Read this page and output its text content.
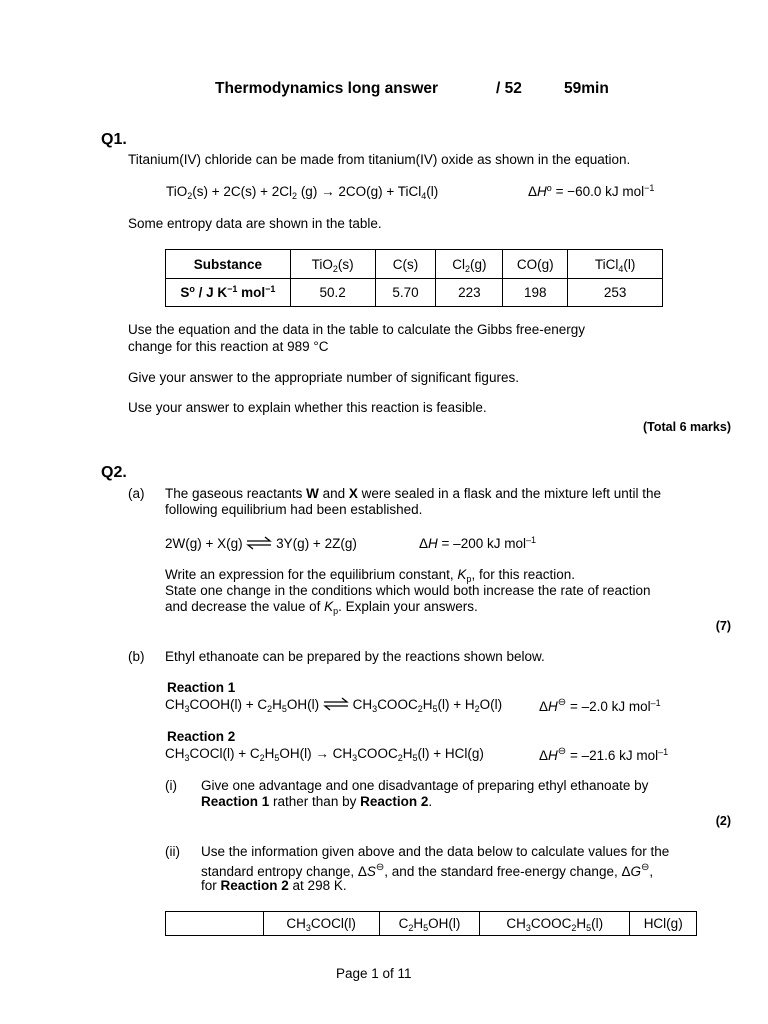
Thermodynamics long answer	/ 52	59min
Q1.
Titanium(IV) chloride can be made from titanium(IV) oxide as shown in the equation.
$TiO_2(s) + 2C(s) + 2Cl_2$ (g) → 2CO(g) + TiCl$_4$(l)	$\Delta H^o = -60.0$ kJ mol$^{-1}$
Some entropy data are shown in the table.
Substance	TiO$_2$(s)	C(s)	$Cl_2(g)$	CO(g)	TiCl$_4$(l)
$S^o$ / J $K^{-1}$ mol$^{-1}$	50.2	5.70	223	198	253
Use the equation and the data in the table to calculate the Gibbs free-energy
change for this reaction at 989 °C
Give your answer to the appropriate number of significant figures.
Use your answer to explain whether this reaction is feasible.
(Total 6 marks)
Q2.
(a) The gaseous reactants W and X were sealed in a flask and the mixture left until the
following equilibrium had been established.
2W(g) + X(g) ⇌ 3Y(g) + 2Z(g)	ΔH = –200 kJ mol$^{-1}$
Write an expression for the equilibrium constant, $K_p$, for this reaction.
State one change in the conditions which would both increase the rate of reaction
and decrease the value of $K_p$. Explain your answers.
(7)
(b) Ethyl ethanoate can be prepared by the reactions shown below.
Reaction 1
$CH_3COOH(l) + C_2H_5OH(l)$ ⇌ $CH_3COOC_2H_5(l) + H_2O(l)$	ΔH⊖ = –2.0 kJ mol$^{-1}$
Reaction 2
$CH_3COCl(l) + C_2H_5OH(l)$ → $CH_3COOC_2H_5(l) + HCl(g)$	ΔH⊖ = –21.6 kJ mol$^{-1}$
(i) Give one advantage and one disadvantage of preparing ethyl ethanoate by
Reaction 1 rather than by Reaction 2.
(2)
(ii) Use the information given above and the data below to calculate values for the
standard entropy change, ΔS⊖, and the standard free-energy change, ΔG⊖,
for Reaction 2 at 298 K.
	$CH_3COCl(l)$	$C_2H_5OH(l)$	$CH_3COOC_2H_5(l)$	HCl(g)
Page 1 of 11
